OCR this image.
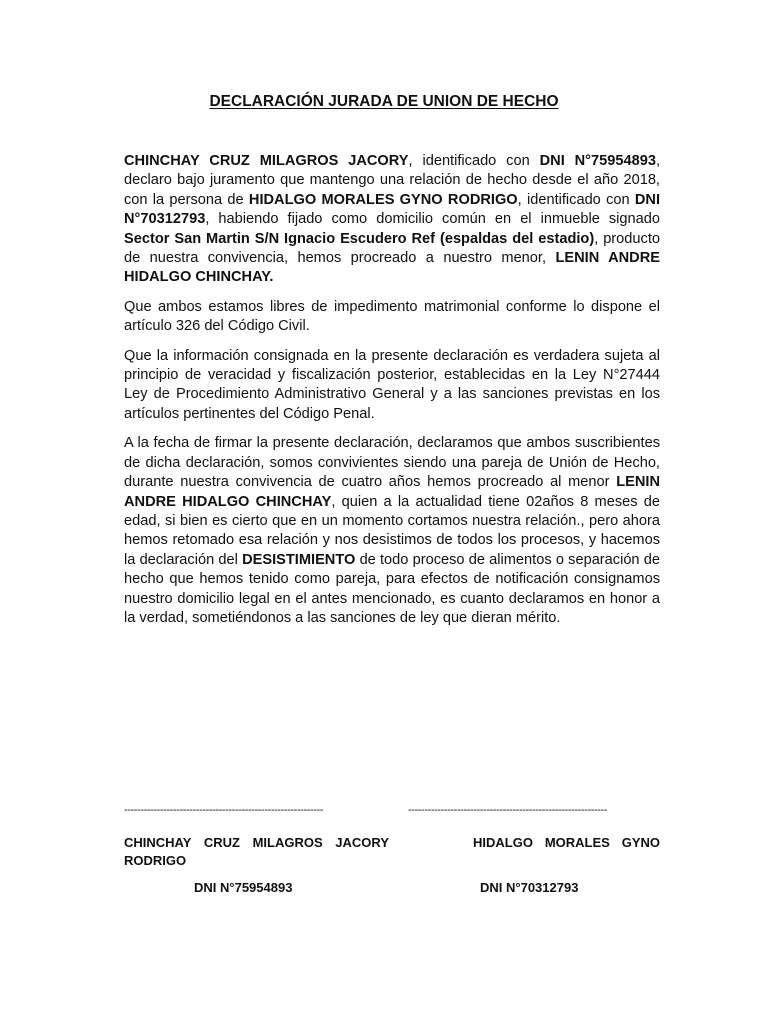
DECLARACIÓN JURADA DE UNION DE HECHO

CHINCHAY CRUZ MILAGROS JACORY, identificado con DNI N°75954893, declaro bajo juramento que mantengo una relación de hecho desde el año 2018, con la persona de HIDALGO MORALES GYNO RODRIGO, identificado con DNI N°70312793, habiendo fijado como domicilio común en el inmueble signado Sector San Martin S/N Ignacio Escudero Ref (espaldas del estadio), producto de nuestra convivencia, hemos procreado a nuestro menor, LENIN ANDRE HIDALGO CHINCHAY.

Que ambos estamos libres de impedimento matrimonial conforme lo dispone el artículo 326 del Código Civil.

Que la información consignada en la presente declaración es verdadera sujeta al principio de veracidad y fiscalización posterior, establecidas en la Ley N°27444 Ley de Procedimiento Administrativo General y a las sanciones previstas en los artículos pertinentes del Código Penal.

A la fecha de firmar la presente declaración, declaramos que ambos suscribientes de dicha declaración, somos convivientes siendo una pareja de Unión de Hecho, durante nuestra convivencia de cuatro años hemos procreado al menor LENIN ANDRE HIDALGO CHINCHAY, quien a la actualidad tiene 02años 8 meses de edad, si bien es cierto que en un momento cortamos nuestra relación., pero ahora hemos retomado esa relación y nos desistimos de todos los procesos, y hacemos la declaración del DESISTIMIENTO de todo proceso de alimentos o separación de hecho que hemos tenido como pareja, para efectos de notificación consignamos nuestro domicilio legal en el antes mencionado, es cuanto declaramos en honor a la verdad, sometiéndonos a las sanciones de ley que dieran mérito.

-------------------------------------------------------------	-------------------------------------------------------------
CHINCHAY CRUZ MILAGROS JACORY RODRIGO
HIDALGO MORALES GYNO
DNI N°75954893	DNI N°70312793
